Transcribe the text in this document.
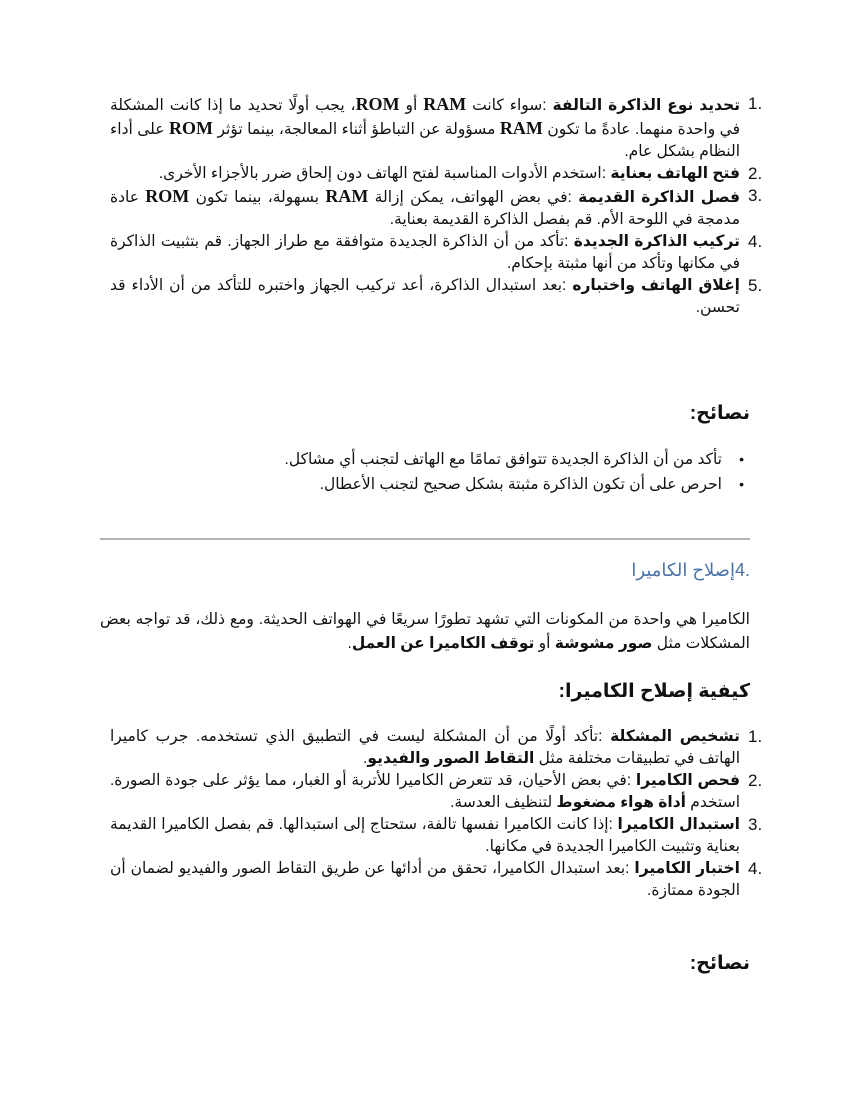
1.
تحديد نوع الذاكرة التالفة :سواء كانت RAM أو ROM، يجب أولًا تحديد ما إذا كانت المشكلة في واحدة منهما. عادةً ما تكون RAM مسؤولة عن التباطؤ أثناء المعالجة، بينما تؤثر ROM على أداء النظام بشكل عام.
2.
فتح الهاتف بعناية :استخدم الأدوات المناسبة لفتح الهاتف دون إلحاق ضرر بالأجزاء الأخرى.
3.
فصل الذاكرة القديمة :في بعض الهواتف، يمكن إزالة RAM بسهولة، بينما تكون ROM عادة مدمجة في اللوحة الأم. قم بفصل الذاكرة القديمة بعناية.
4.
تركيب الذاكرة الجديدة :تأكد من أن الذاكرة الجديدة متوافقة مع طراز الجهاز. قم بتثبيت الذاكرة في مكانها وتأكد من أنها مثبتة بإحكام.
5.
إغلاق الهاتف واختباره :بعد استبدال الذاكرة، أعد تركيب الجهاز واختبره للتأكد من أن الأداء قد تحسن.
نصائح:
•
تأكد من أن الذاكرة الجديدة تتوافق تمامًا مع الهاتف لتجنب أي مشاكل.
•
احرص على أن تكون الذاكرة مثبتة بشكل صحيح لتجنب الأعطال.
.4إصلاح الكاميرا

الكاميرا هي واحدة من المكونات التي تشهد تطورًا سريعًا في الهواتف الحديثة. ومع ذلك، قد تواجه بعض المشكلات مثل صور مشوشة أو توقف الكاميرا عن العمل.

كيفية إصلاح الكاميرا:
1.
تشخيص المشكلة :تأكد أولًا من أن المشكلة ليست في التطبيق الذي تستخدمه. جرب كاميرا الهاتف في تطبيقات مختلفة مثل التقاط الصور والفيديو.
2.
فحص الكاميرا :في بعض الأحيان، قد تتعرض الكاميرا للأتربة أو الغبار، مما يؤثر على جودة الصورة. استخدم أداة هواء مضغوط لتنظيف العدسة.
3.
استبدال الكاميرا :إذا كانت الكاميرا نفسها تالفة، ستحتاج إلى استبدالها. قم بفصل الكاميرا القديمة بعناية وتثبيت الكاميرا الجديدة في مكانها.
4.
اختبار الكاميرا :بعد استبدال الكاميرا، تحقق من أدائها عن طريق التقاط الصور والفيديو لضمان أن الجودة ممتازة.
نصائح:
